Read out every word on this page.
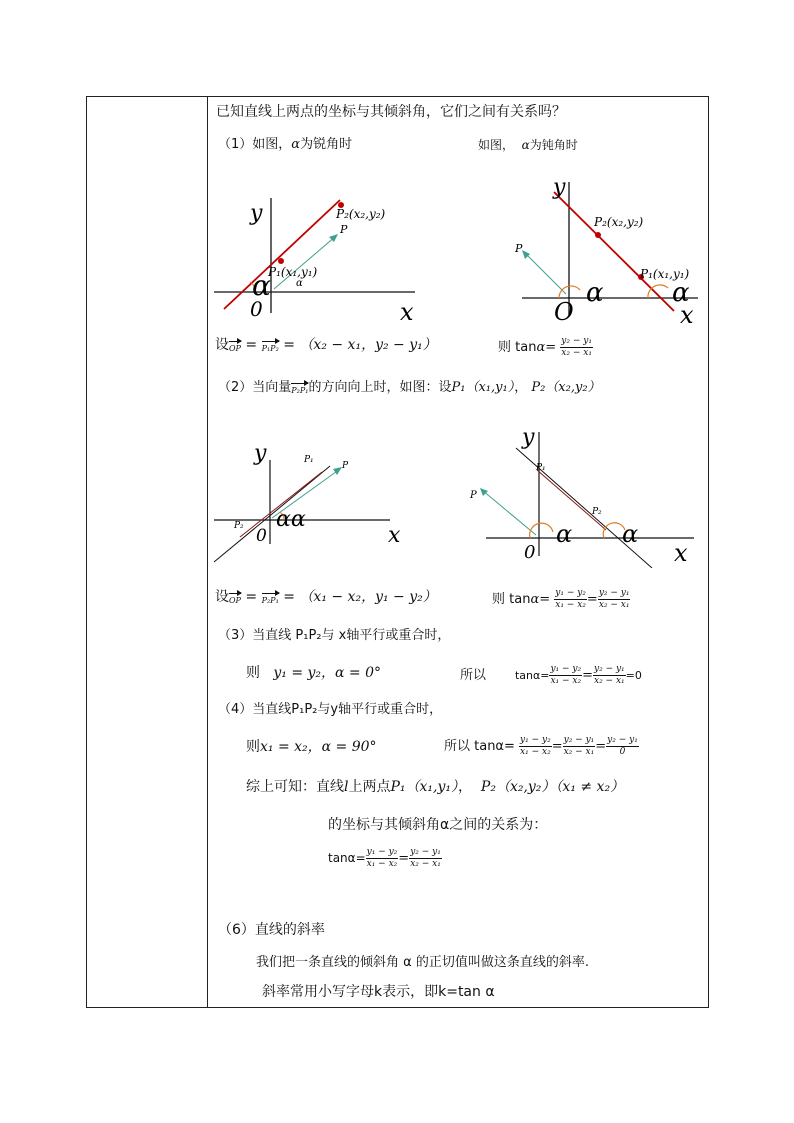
已知直线上两点的坐标与其倾斜角，它们之间有关系吗？
（1）如图，α为锐角时	如图， α为钝角时
y
x
0
α	α
P₁(x₁,y₁)
P₂(x₂,y₂)
P
y
x
O
α	α
P₂(x₂,y₂)
P₁(x₁,y₁)
P
设OP = P₁P₂ = （x₂ − x₁，y₂ − y₁）	则 $\tan\alpha= \frac{\text{y₂ − y₁}}{\text{x₂ − x₁}}$
（2）当向量P₂P₁的方向向上时，如图：设P₁（x₁,y₁）， P₂（x₂,y₂）
y
x
0
αα
P₁
P
P₂
y
x
0
α α
P₁
P₂
P
设OP = P₂P₁ = （x₁ − x₂，y₁ − y₂）	则 $\tan\alpha= \frac{\text{y₁ − y₂}}{\text{x₁ − x₂}} = \frac{\text{y₂ − y₁}}{\text{x₂ − x₁}}$
（3）当直线 P₁P₂与 x轴平行或重合时，
则 y₁ = y₂，α = 0°	所以	$\tan\alpha= \frac{\text{y₁ − y₂}}{\text{x₁ − x₂}} = \frac{\text{y₂ − y₁}}{\text{x₂ − x₁}} =0$
（4）当直线P₁P₂与y轴平行或重合时，
则x₁ = x₂，α = 90°	所以 $\tan\alpha= \frac{\text{y₁ − y₂}}{\text{x₁ − x₂}} = \frac{\text{y₂ − y₁}}{\text{x₂ − x₁}} = \frac{\text{y₂ − y₁}}{0}$
综上可知：直线l上两点P₁（x₁,y₁）， P₂（x₂,y₂）（x₁ ≠ x₂）
的坐标与其倾斜角α之间的关系为：
$\tan\alpha= \frac{\text{y₁ − y₂}}{\text{x₁ − x₂}} = \frac{\text{y₂ − y₁}}{\text{x₂ − x₁}}$
（6）直线的斜率
我们把一条直线的倾斜角 α 的正切值叫做这条直线的斜率.
斜率常用小写字母k表示，即k=tan α
